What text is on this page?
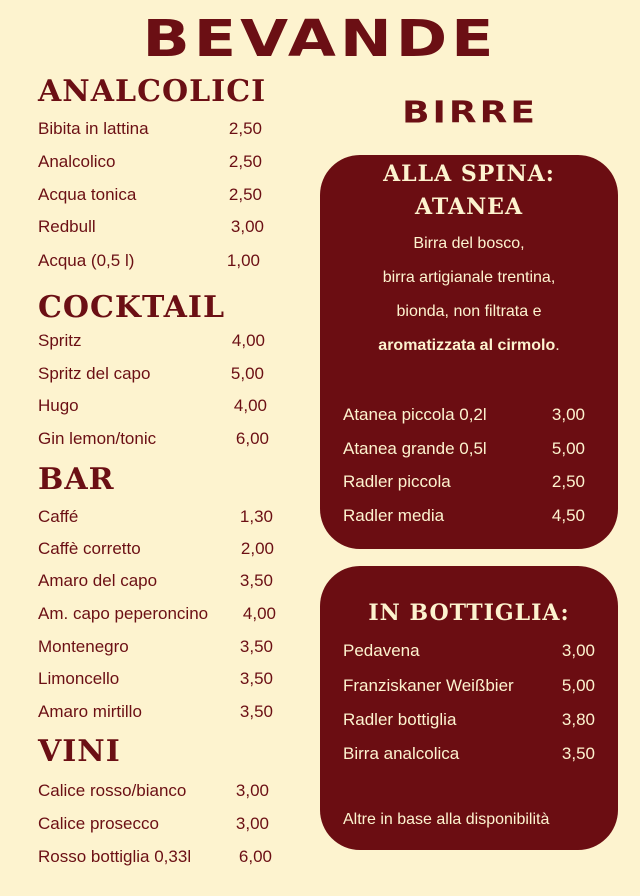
BEVANDE
ANALCOLICI
Bibita in lattina	2,50
Analcolico	2,50
Acqua tonica	2,50
Redbull	3,00
Acqua (0,5 l)	1,00
COCKTAIL
Spritz	4,00
Spritz del capo	5,00
Hugo	4,00
Gin lemon/tonic	6,00
BAR
Caffé	1,30
Caffè corretto	2,00
Amaro del capo	3,50
Am. capo peperoncino 4,00
Montenegro	3,50
Limoncello	3,50
Amaro mirtillo	3,50
VINI
Calice rosso/bianco	3,00
Calice prosecco	3,00
Rosso bottiglia 0,33l	6,00
BIRRE
ALLA SPINA:
ATANEA
Birra del bosco,
birra artigianale trentina,
bionda, non filtrata e
aromatizzata al cirmolo.
Atanea piccola 0,2l	3,00
Atanea grande 0,5l	5,00
Radler piccola	2,50
Radler media	4,50
IN BOTTIGLIA:
Pedavena	3,00
Franziskaner Weißbier	5,00
Radler bottiglia	3,80
Birra analcolica	3,50
Altre in base alla disponibilità
